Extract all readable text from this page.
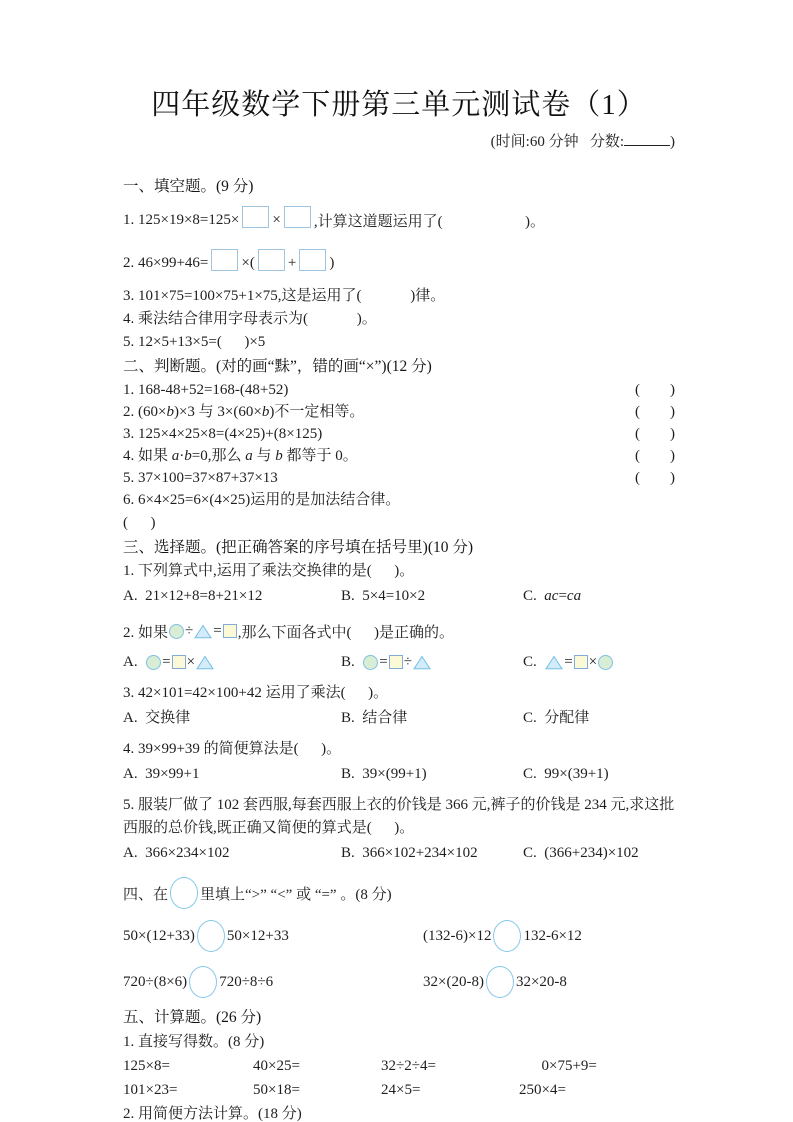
四年级数学下册第三单元测试卷（1）
(时间:60 分钟   分数:	)
一、填空题。(9 分)
1. 125×19×8=125× × ,计算这道题运用了(                      )。
2. 46×99+46= ×( + )
3. 101×75=100×75+1×75,这是运用了(             )律。
4. 乘法结合律用字母表示为(             )。
5. 12×5+13×5=(      )×5
二、判断题。(对的画“䵢”，错的画“×”)(12 分)
1. 168-48+52=168-(48+52)	(        )
2. (60×b)×3 与 3×(60×b)不一定相等。	(        )
3. 125×4×25×8=(4×25)+(8×125)	(        )
4. 如果 a·b=0,那么 a 与 b 都等于 0。	(        )
5. 37×100=37×87+37×13	(        )
6. 6×4×25=6×(4×25)运用的是加法结合律。
(      )
三、选择题。(把正确答案的序号填在括号里)(10 分)
1. 下列算式中,运用了乘法交换律的是(      )。
A.  21×12+8=8+21×12	B.  5×4=10×2	C. ac = ca
2. 如果 ÷ = ,那么下面各式中(      )是正确的。
A.
= ×	B.
= ÷	C.
= ×
3. 42×101=42×100+42 运用了乘法(      )。
A.  交换律	B.  结合律	C.  分配律
4. 39×99+39 的简便算法是(      )。
A.  39×99+1	B.  39×(99+1)	C.  99×(39+1)
5. 服装厂做了 102 套西服,每套西服上衣的价钱是 366 元,裤子的价钱是 234 元,求这批西服的总价钱,既正确又简便的算式是(      )。
A.  366×234×102	B.  366×102+234×102	C.  (366+234)×102
四、在 里填上“>” “<” 或 “=” 。(8 分)
50×(12+33) 50×12+33	(132-6)×12 132-6×12
720÷(8×6) 720÷8÷6	32×(20-8) 32×20-8
五、计算题。(26 分)
1. 直接写得数。(8 分)
125×8=	40×25=	32÷2÷4=	0×75+9=
101×23=	50×18=	24×5=	250×4=
2. 用简便方法计算。(18 分)
